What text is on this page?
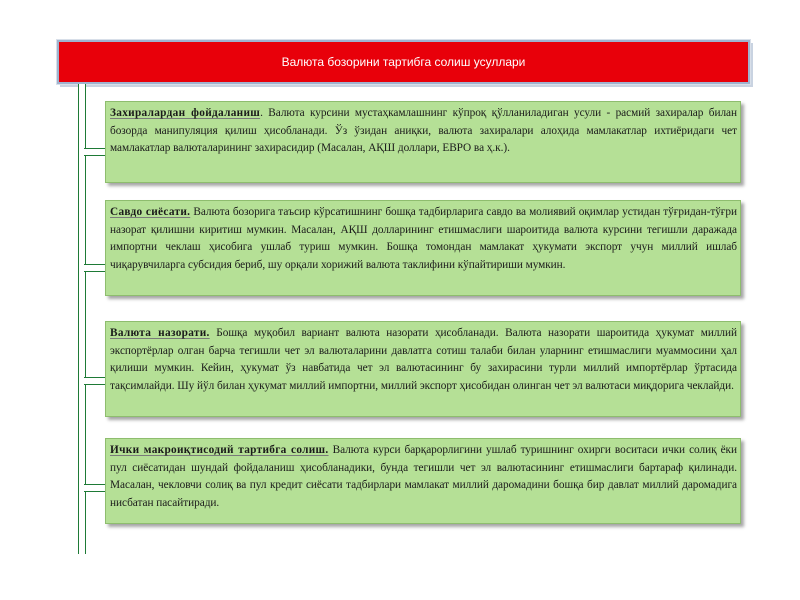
Валюта бозорини тартибга солиш усуллари
Захиралардан фойдаланиш. Валюта курсини мустаҳкамлашнинг кўпроқ қўлланиладиган усули - расмий захиралар билан бозорда манипуляция қилиш ҳисобланади. Ўз ўзидан аниқки, валюта захиралари алоҳида мамлакатлар ихтиёридаги чет мамлакатлар валюталарининг захирасидир (Масалан, АҚШ доллари, ЕВРО ва ҳ.к.).
Савдо сиёсати. Валюта бозорига таъсир кўрсатишнинг бошқа тадбирларига савдо ва молиявий оқимлар устидан тўғридан-тўғри назорат қилишни киритиш мумкин. Масалан, АҚШ долларининг етишмаслиги шароитида валюта курсини тегишли даражада импортни чеклаш ҳисобига ушлаб туриш мумкин. Бошқа томондан мамлакат ҳукумати экспорт учун миллий ишлаб чиқарувчиларга субсидия бериб, шу орқали хорижий валюта таклифини кўпайтириши мумкин.
Валюта назорати. Бошқа муқобил вариант валюта назорати ҳисобланади. Валюта назорати шароитида ҳукумат миллий экспортёрлар олган барча тегишли чет эл валюталарини давлатга сотиш талаби билан уларнинг етишмаслиги муаммосини ҳал қилиши мумкин. Кейин, ҳукумат ўз навбатида чет эл валютасининг бу захирасини турли миллий импортёрлар ўртасида тақсимлайди. Шу йўл билан ҳукумат миллий импортни, миллий экспорт ҳисобидан олинган чет эл валютаси миқдорига чеклайди.
Ички макроиқтисодий тартибга солиш. Валюта курси барқарорлигини ушлаб туришнинг охирги воситаси ички солиқ ёки пул сиёсатидан шундай фойдаланиш ҳисобланадики, бунда тегишли чет эл валютасининг етишмаслиги бартараф қилинади. Масалан, чекловчи солиқ ва пул кредит сиёсати тадбирлари мамлакат миллий даромадини бошқа бир давлат миллий даромадига нисбатан пасайтиради.
